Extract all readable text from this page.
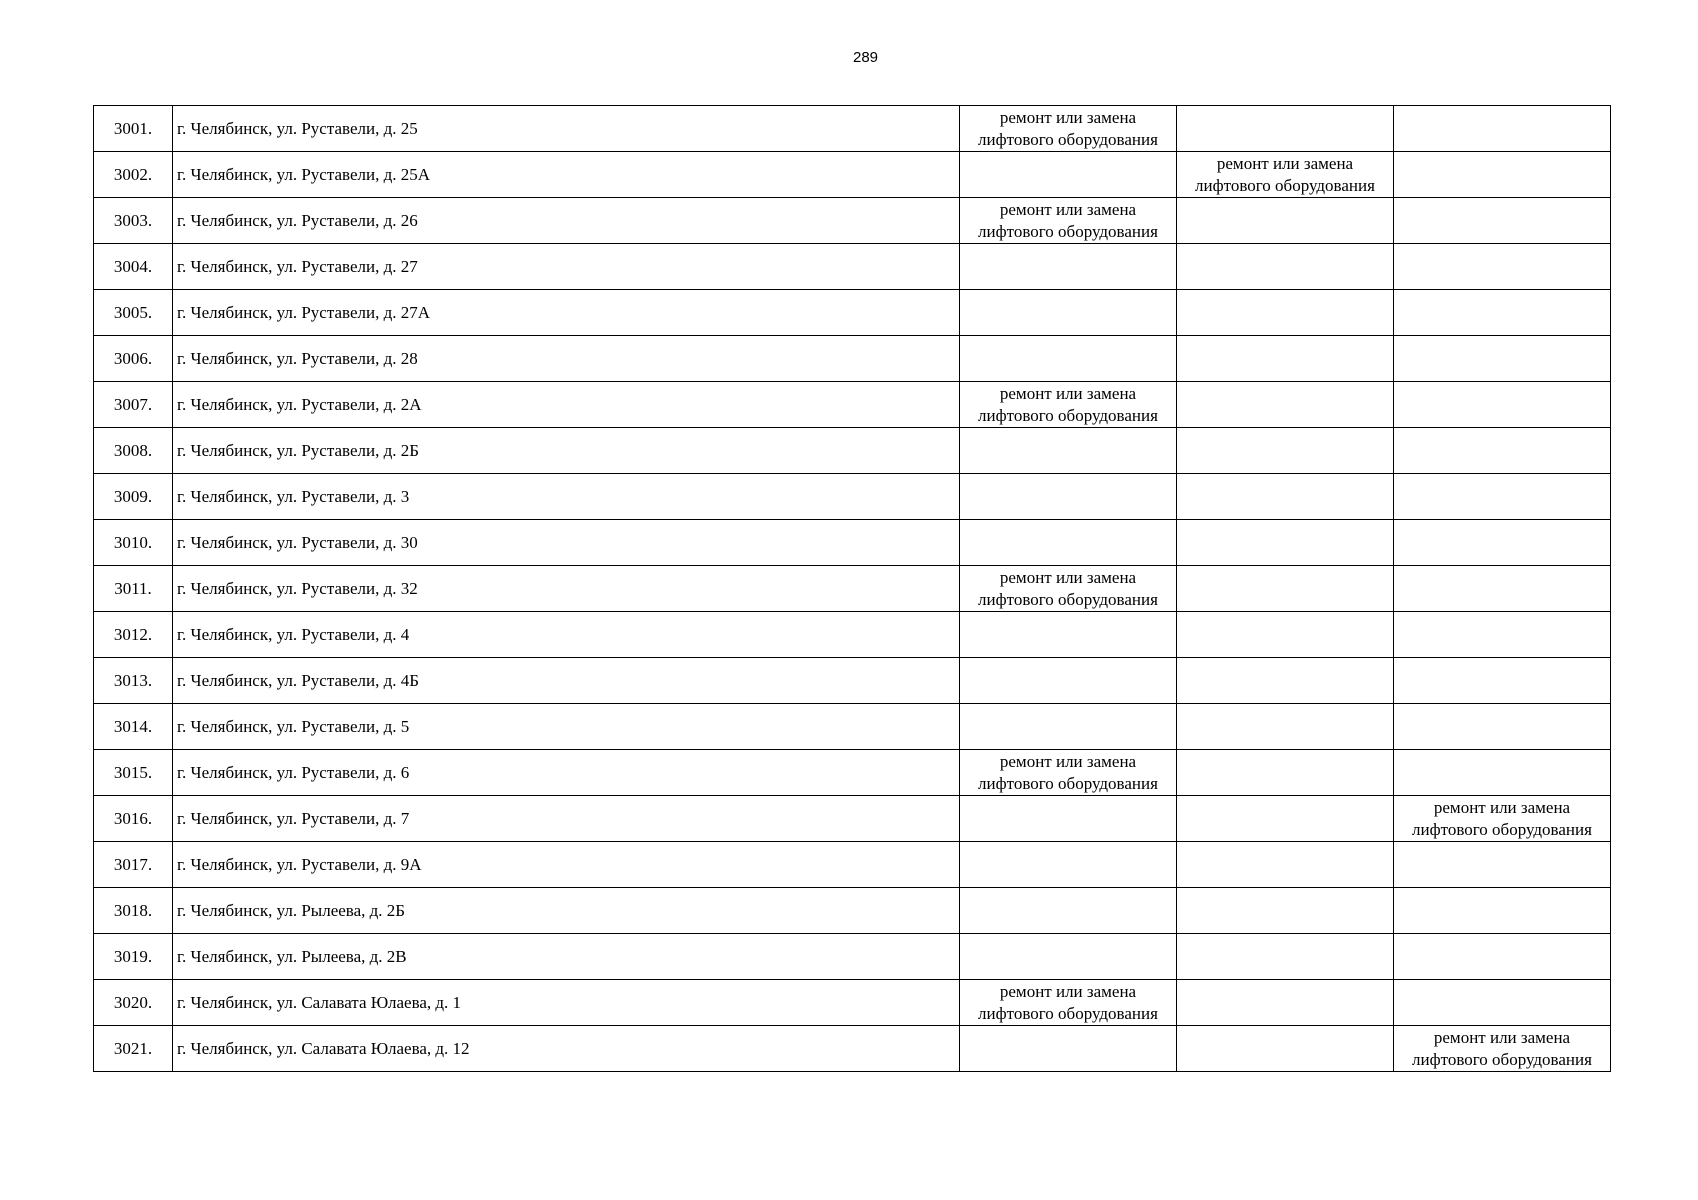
289
3001.	г. Челябинск, ул. Руставели, д. 25	ремонт или замена
лифтового оборудования		

3002.	г. Челябинск, ул. Руставели, д. 25А		ремонт или замена
лифтового оборудования	

3003.	г. Челябинск, ул. Руставели, д. 26	ремонт или замена
лифтового оборудования		

3004.	г. Челябинск, ул. Руставели, д. 27	

3005.	г. Челябинск, ул. Руставели, д. 27А	

3006.	г. Челябинск, ул. Руставели, д. 28	

3007.	г. Челябинск, ул. Руставели, д. 2А	ремонт или замена
лифтового оборудования		

3008.	г. Челябинск, ул. Руставели, д. 2Б	

3009.	г. Челябинск, ул. Руставели, д. 3	

3010.	г. Челябинск, ул. Руставели, д. 30	

3011.	г. Челябинск, ул. Руставели, д. 32	ремонт или замена
лифтового оборудования		

3012.	г. Челябинск, ул. Руставели, д. 4	

3013.	г. Челябинск, ул. Руставели, д. 4Б	

3014.	г. Челябинск, ул. Руставели, д. 5	

3015.	г. Челябинск, ул. Руставели, д. 6	ремонт или замена
лифтового оборудования		

3016.	г. Челябинск, ул. Руставели, д. 7			ремонт или замена
лифтового оборудования

3017.	г. Челябинск, ул. Руставели, д. 9А	

3018.	г. Челябинск, ул. Рылеева, д. 2Б	

3019.	г. Челябинск, ул. Рылеева, д. 2В	

3020.	г. Челябинск, ул. Салавата Юлаева, д. 1	ремонт или замена
лифтового оборудования		

3021.	г. Челябинск, ул. Салавата Юлаева, д. 12			ремонт или замена
лифтового оборудования
